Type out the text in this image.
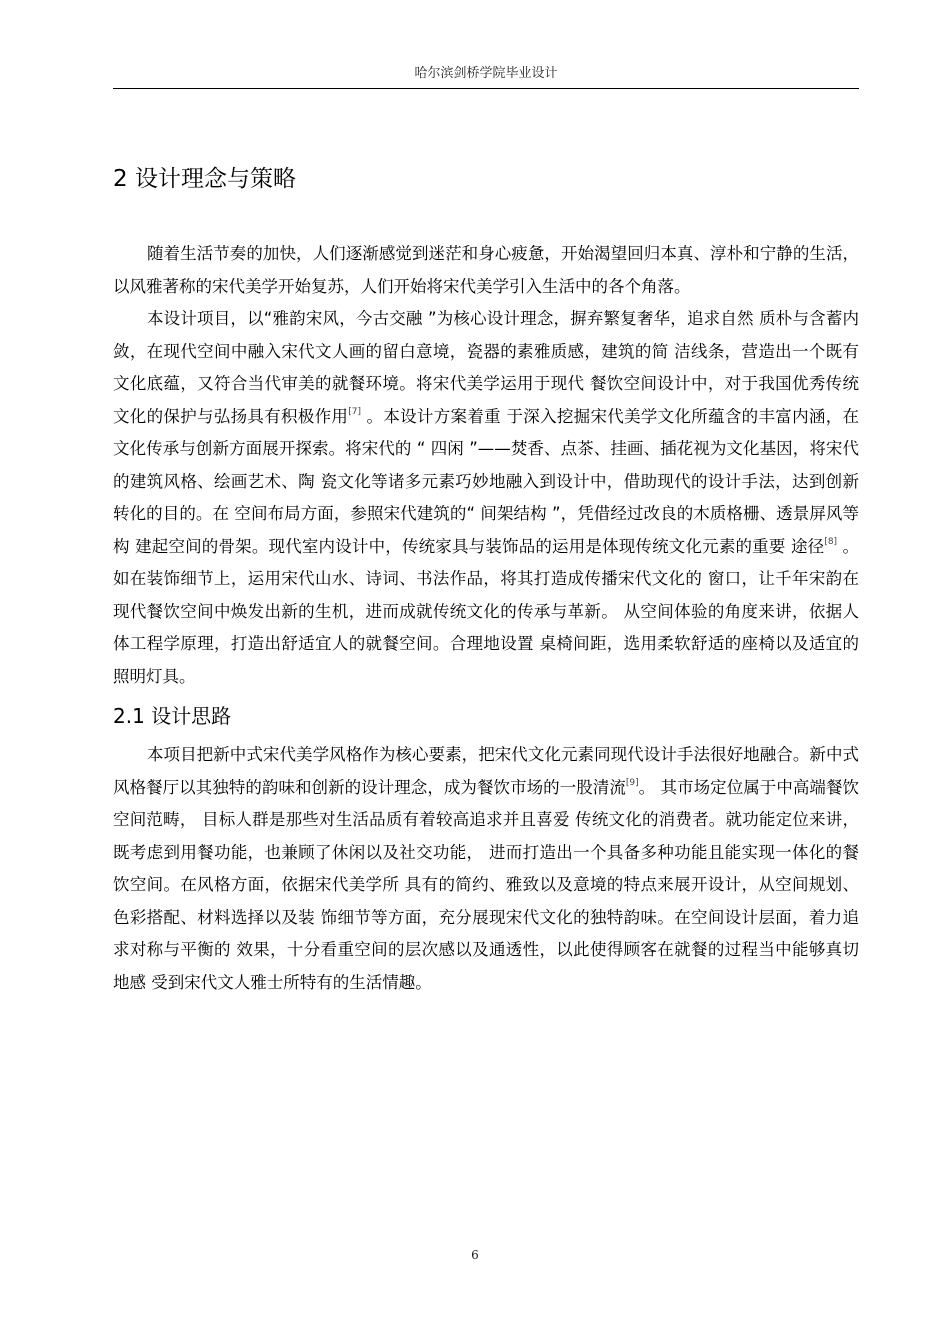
哈尔滨剑桥学院毕业设计
2 设计理念与策略

随着生活节奏的加快，人们逐渐感觉到迷茫和身心疲惫，开始渴望回归本真、淳朴和宁静的生活，以风雅著称的宋代美学开始复苏，人们开始将宋代美学引入生活中的各个角落。

本设计项目，以“雅韵宋风，今古交融 ”为核心设计理念，摒弃繁复奢华，追求自然 质朴与含蓄内敛，在现代空间中融入宋代文人画的留白意境，瓷器的素雅质感，建筑的简 洁线条，营造出一个既有文化底蕴，又符合当代审美的就餐环境。将宋代美学运用于现代 餐饮空间设计中，对于我国优秀传统文化的保护与弘扬具有积极作用[7] 。本设计方案着重 于深入挖掘宋代美学文化所蕴含的丰富内涵，在文化传承与创新方面展开探索。将宋代的 “ 四闲 ”——焚香、点茶、挂画、插花视为文化基因，将宋代的建筑风格、绘画艺术、陶 瓷文化等诸多元素巧妙地融入到设计中，借助现代的设计手法，达到创新转化的目的。在 空间布局方面，参照宋代建筑的“ 间架结构 ”，凭借经过改良的木质格栅、透景屏风等构 建起空间的骨架。现代室内设计中，传统家具与装饰品的运用是体现传统文化元素的重要 途径[8] 。如在装饰细节上，运用宋代山水、诗词、书法作品，将其打造成传播宋代文化的 窗口，让千年宋韵在现代餐饮空间中焕发出新的生机，进而成就传统文化的传承与革新。 从空间体验的角度来讲，依据人体工程学原理，打造出舒适宜人的就餐空间。合理地设置 桌椅间距，选用柔软舒适的座椅以及适宜的照明灯具。

2.1 设计思路

本项目把新中式宋代美学风格作为核心要素，把宋代文化元素同现代设计手法很好地融合。新中式风格餐厅以其独特的韵味和创新的设计理念，成为餐饮市场的一股清流[9]。 其市场定位属于中高端餐饮空间范畴， 目标人群是那些对生活品质有着较高追求并且喜爱 传统文化的消费者。就功能定位来讲，既考虑到用餐功能，也兼顾了休闲以及社交功能， 进而打造出一个具备多种功能且能实现一体化的餐饮空间。在风格方面，依据宋代美学所 具有的简约、雅致以及意境的特点来展开设计，从空间规划、色彩搭配、材料选择以及装 饰细节等方面，充分展现宋代文化的独特韵味。在空间设计层面，着力追求对称与平衡的 效果，十分看重空间的层次感以及通透性，以此使得顾客在就餐的过程当中能够真切地感 受到宋代文人雅士所特有的生活情趣。

6
